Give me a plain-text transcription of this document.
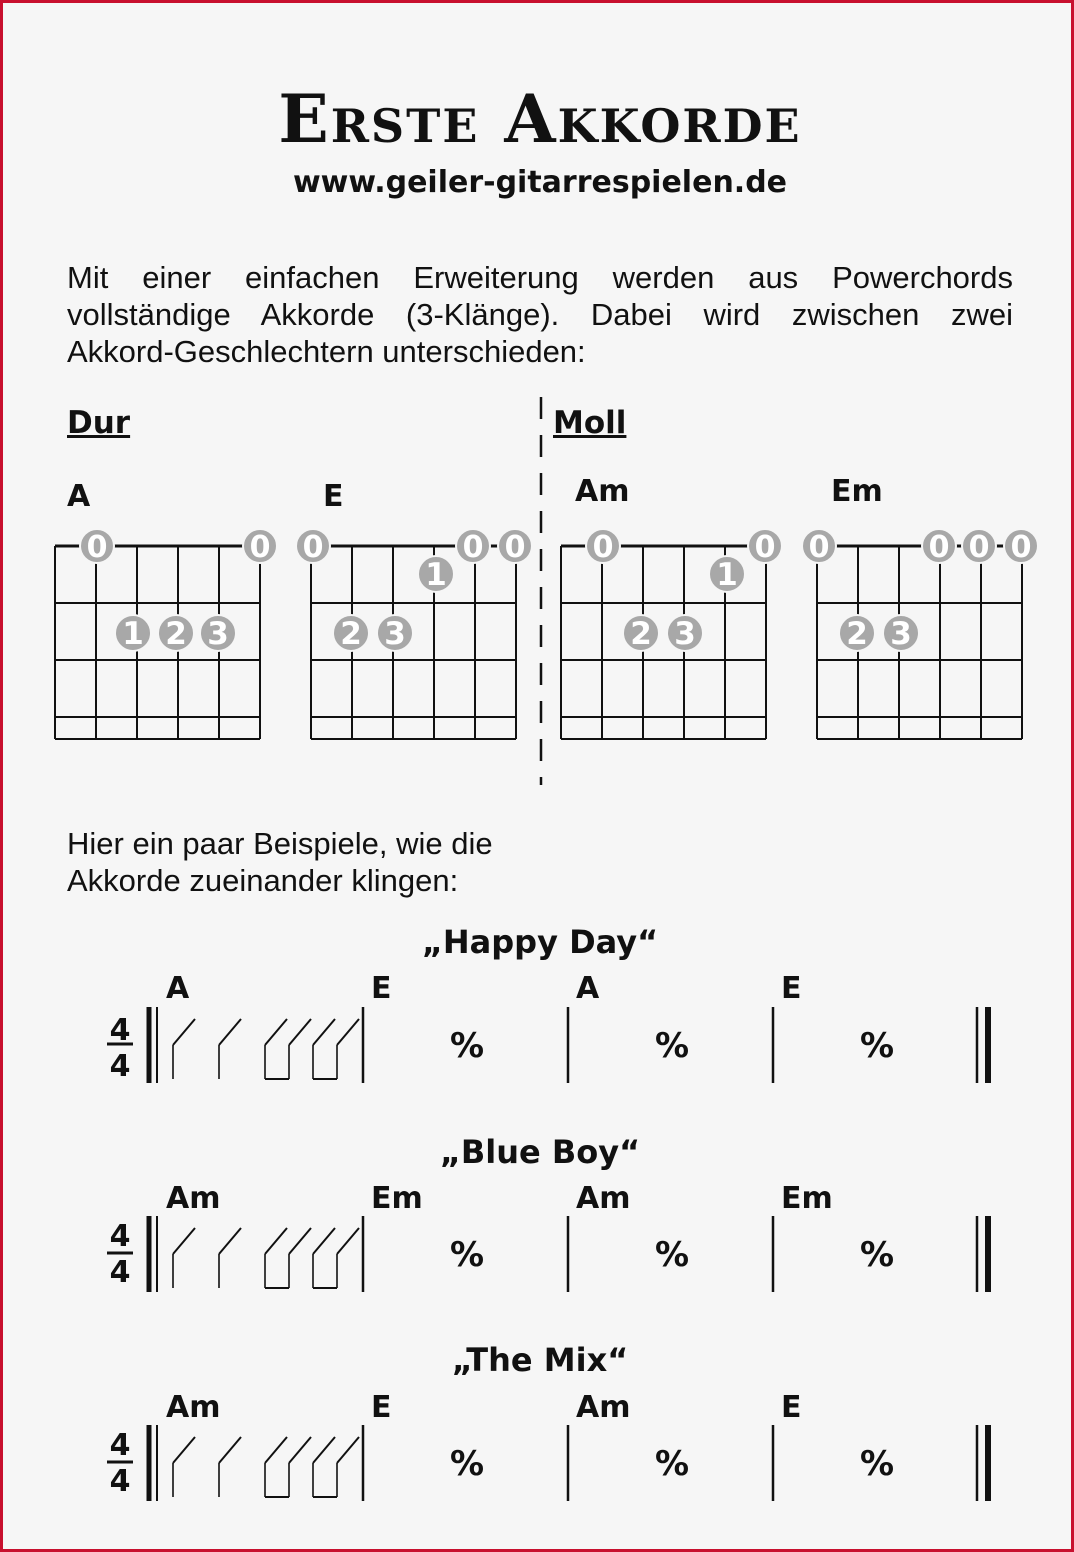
Erste Akkorde
www.geiler-gitarrespielen.de
Mit einer einfachen Erweiterung werden aus Powerchords
vollständige Akkorde (3-Klänge). Dabei wird zwischen zwei
Akkord-Geschlechtern unterschieden:
Dur	Moll
A	E	Am	Em
0	0
1 2 3
0	0 0
1
2 3
0	0
1
2 3
0	0 0 0
2 3
Hier ein paar Beispiele, wie die
Akkorde zueinander klingen:
„Happy Day“
A	E	A	E
4
4
„Blue Boy“
Am	Em	Am	Em
4
4
„The Mix“
Am	E	Am	E
4
4
%	%	%
%	%	%
%	%	%
